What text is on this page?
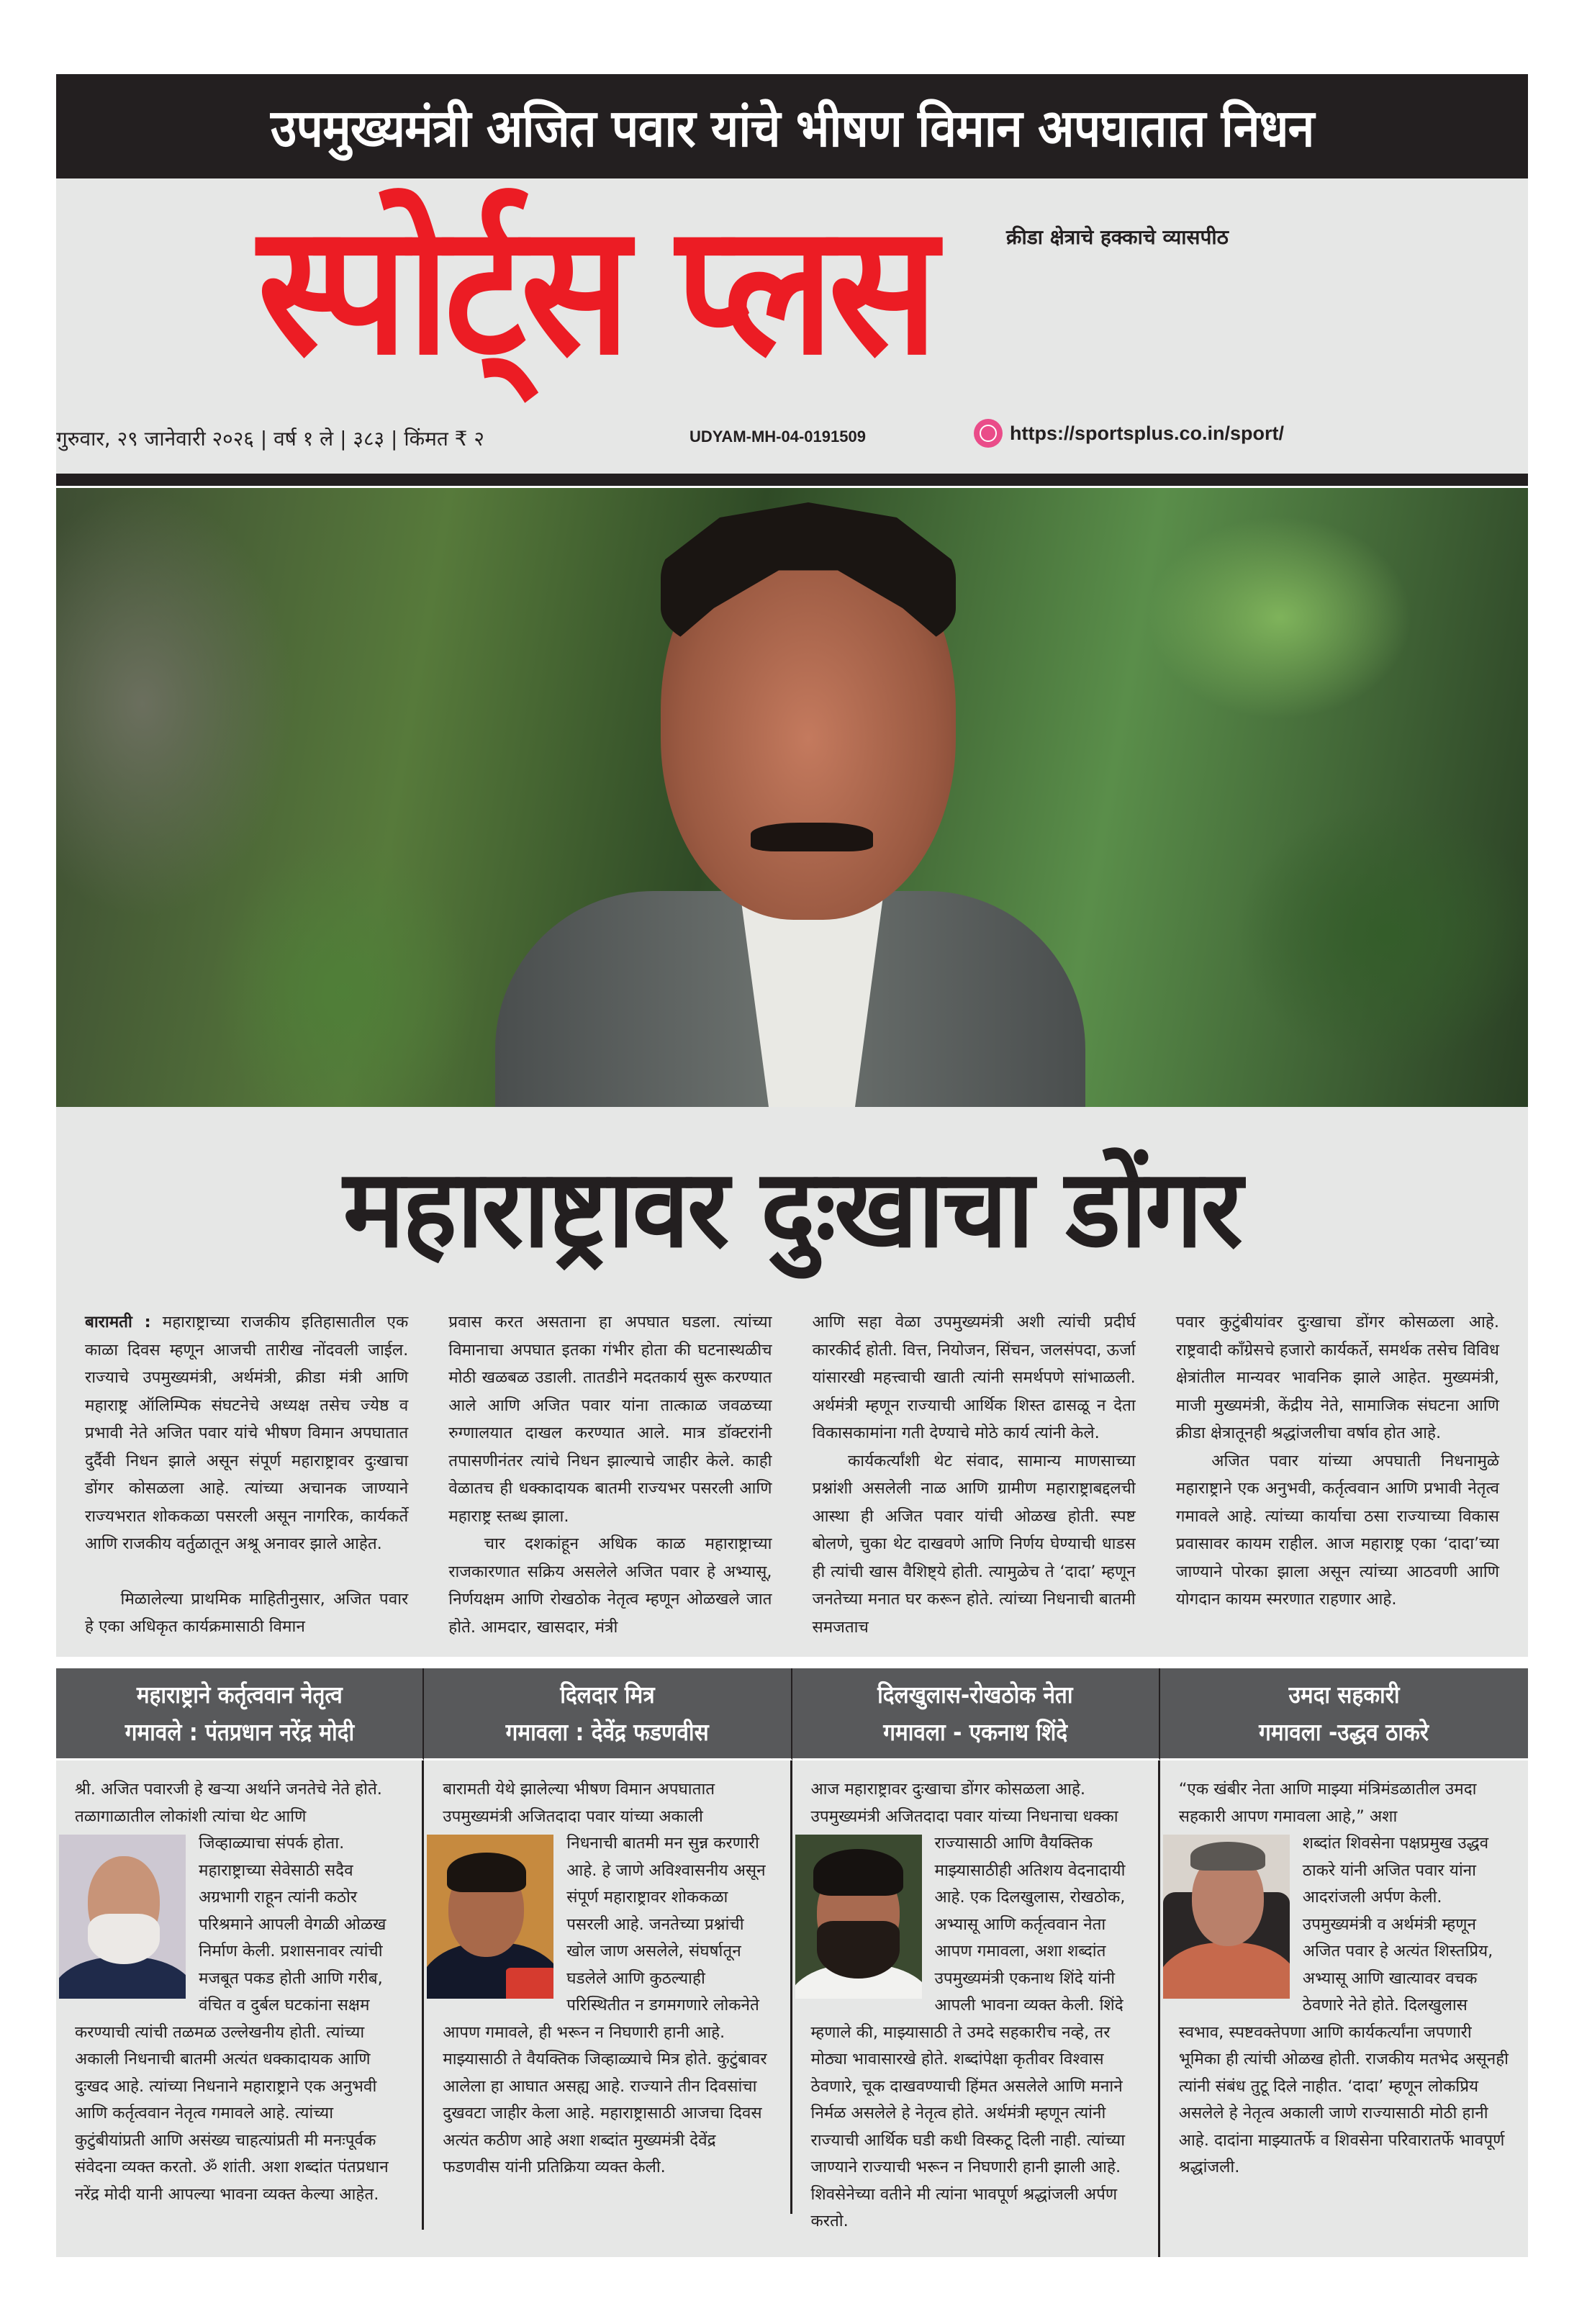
उपमुख्यमंत्री अजित पवार यांचे भीषण विमान अपघातात निधन
स्पोर्ट्स प्लस	क्रीडा क्षेत्राचे हक्काचे व्यासपीठ
गुरुवार, २९ जानेवारी २०२६ | वर्ष १ ले | ३८३ | किंमत ₹ २	UDYAM-MH-04-0191509	https://sportsplus.co.in/sport/
महाराष्ट्रावर दुःखाचा डोंगर

बारामती : महाराष्ट्राच्या राजकीय इतिहासातील एक काळा दिवस म्हणून आजची तारीख नोंदवली जाईल. राज्याचे उपमुख्यमंत्री, अर्थमंत्री, क्रीडा मंत्री आणि महाराष्ट्र ऑलिम्पिक संघटनेचे अध्यक्ष तसेच ज्येष्ठ व प्रभावी नेते अजित पवार यांचे भीषण विमान अपघातात दुर्दैवी निधन झाले असून संपूर्ण महाराष्ट्रावर दुःखाचा डोंगर कोसळला आहे. त्यांच्या अचानक जाण्याने राज्यभरात शोककळा पसरली असून नागरिक, कार्यकर्ते आणि राजकीय वर्तुळातून अश्रू अनावर झाले आहेत.

मिळालेल्या प्राथमिक माहितीनुसार, अजित पवार हे एका अधिकृत कार्यक्रमासाठी विमान

प्रवास करत असताना हा अपघात घडला. त्यांच्या विमानाचा अपघात इतका गंभीर होता की घटनास्थळीच मोठी खळबळ उडाली. तातडीने मदतकार्य सुरू करण्यात आले आणि अजित पवार यांना तात्काळ जवळच्या रुग्णालयात दाखल करण्यात आले. मात्र डॉक्टरांनी तपासणीनंतर त्यांचे निधन झाल्याचे जाहीर केले. काही वेळातच ही धक्कादायक बातमी राज्यभर पसरली आणि महाराष्ट्र स्तब्ध झाला.

चार दशकांहून अधिक काळ महाराष्ट्राच्या राजकारणात सक्रिय असलेले अजित पवार हे अभ्यासू, निर्णयक्षम आणि रोखठोक नेतृत्व म्हणून ओळखले जात होते. आमदार, खासदार, मंत्री

आणि सहा वेळा उपमुख्यमंत्री अशी त्यांची प्रदीर्घ कारकीर्द होती. वित्त, नियोजन, सिंचन, जलसंपदा, ऊर्जा यांसारखी महत्त्वाची खाती त्यांनी समर्थपणे सांभाळली. अर्थमंत्री म्हणून राज्याची आर्थिक शिस्त ढासळू न देता विकासकामांना गती देण्याचे मोठे कार्य त्यांनी केले.

कार्यकर्त्यांशी थेट संवाद, सामान्य माणसाच्या प्रश्नांशी असलेली नाळ आणि ग्रामीण महाराष्ट्राबद्दलची आस्था ही अजित पवार यांची ओळख होती. स्पष्ट बोलणे, चुका थेट दाखवणे आणि निर्णय घेण्याची धाडस ही त्यांची खास वैशिष्ट्ये होती. त्यामुळेच ते ‘दादा’ म्हणून जनतेच्या मनात घर करून होते. त्यांच्या निधनाची बातमी समजताच

पवार कुटुंबीयांवर दुःखाचा डोंगर कोसळला आहे. राष्ट्रवादी काँग्रेसचे हजारो कार्यकर्ते, समर्थक तसेच विविध क्षेत्रांतील मान्यवर भावनिक झाले आहेत. मुख्यमंत्री, माजी मुख्यमंत्री, केंद्रीय नेते, सामाजिक संघटना आणि क्रीडा क्षेत्रातूनही श्रद्धांजलीचा वर्षाव होत आहे.

अजित पवार यांच्या अपघाती निधनामुळे महाराष्ट्राने एक अनुभवी, कर्तृत्ववान आणि प्रभावी नेतृत्व गमावले आहे. त्यांच्या कार्याचा ठसा राज्याच्या विकास प्रवासावर कायम राहील. आज महाराष्ट्र एका ‘दादा’च्या जाण्याने पोरका झाला असून त्यांच्या आठवणी आणि योगदान कायम स्मरणात राहणार आहे.

महाराष्ट्राने कर्तृत्ववान नेतृत्व
गमावले : पंतप्रधान नरेंद्र मोदी

श्री. अजित पवारजी हे खऱ्या अर्थाने जनतेचे नेते होते. तळागाळातील लोकांशी त्यांचा थेट आणि

जिव्हाळ्याचा संपर्क होता. महाराष्ट्राच्या सेवेसाठी सदैव अग्रभागी राहून त्यांनी कठोर परिश्रमाने आपली वेगळी ओळख निर्माण केली. प्रशासनावर त्यांची मजबूत पकड होती आणि गरीब, वंचित व दुर्बल घटकांना सक्षम करण्याची त्यांची तळमळ उल्लेखनीय होती. त्यांच्या अकाली निधनाची बातमी अत्यंत धक्कादायक आणि दुःखद आहे. त्यांच्या निधनाने महाराष्ट्राने एक अनुभवी आणि कर्तृत्ववान नेतृत्व गमावले आहे. त्यांच्या कुटुंबीयांप्रती आणि असंख्य चाहत्यांप्रती मी मनःपूर्वक संवेदना व्यक्त करतो. ॐ शांती. अशा शब्दांत पंतप्रधान नरेंद्र मोदी यानी आपल्या भावना व्यक्त केल्या आहेत.

दिलदार मित्र
गमावला : देवेंद्र फडणवीस

बारामती येथे झालेल्या भीषण विमान अपघातात उपमुख्यमंत्री अजितदादा पवार यांच्या अकाली

निधनाची बातमी मन सुन्न करणारी आहे. हे जाणे अविश्वासनीय असून संपूर्ण महाराष्ट्रावर शोककळा पसरली आहे. जनतेच्या प्रश्नांची खोल जाण असलेले, संघर्षातून घडलेले आणि कुठल्याही परिस्थितीत न डगमगणारे लोकनेते आपण गमावले, ही भरून न निघणारी हानी आहे. माझ्यासाठी ते वैयक्तिक जिव्हाळ्याचे मित्र होते. कुटुंबावर आलेला हा आघात असह्य आहे. राज्याने तीन दिवसांचा दुखवटा जाहीर केला आहे. महाराष्ट्रासाठी आजचा दिवस अत्यंत कठीण आहे अशा शब्दांत मुख्यमंत्री देवेंद्र फडणवीस यांनी प्रतिक्रिया व्यक्त केली.

दिलखुलास-रोखठोक नेता
गमावला - एकनाथ शिंदे

आज महाराष्ट्रावर दुःखाचा डोंगर कोसळला आहे. उपमुख्यमंत्री अजितदादा पवार यांच्या निधनाचा धक्का

राज्यासाठी आणि वैयक्तिक माझ्यासाठीही अतिशय वेदनादायी आहे. एक दिलखुलास, रोखठोक, अभ्यासू आणि कर्तृत्ववान नेता आपण गमावला, अशा शब्दांत उपमुख्यमंत्री एकनाथ शिंदे यांनी आपली भावना व्यक्त केली. शिंदे म्हणाले की, माझ्यासाठी ते उमदे सहकारीच नव्हे, तर मोठ्या भावासारखे होते. शब्दांपेक्षा कृतीवर विश्वास ठेवणारे, चूक दाखवण्याची हिंमत असलेले आणि मनाने निर्मळ असलेले हे नेतृत्व होते. अर्थमंत्री म्हणून त्यांनी राज्याची आर्थिक घडी कधी विस्कटू दिली नाही. त्यांच्या जाण्याने राज्याची भरून न निघणारी हानी झाली आहे. शिवसेनेच्या वतीने मी त्यांना भावपूर्ण श्रद्धांजली अर्पण करतो.

उमदा सहकारी
गमावला -उद्धव ठाकरे

“एक खंबीर नेता आणि माझ्या मंत्रिमंडळातील उमदा सहकारी आपण गमावला आहे,” अशा

शब्दांत शिवसेना पक्षप्रमुख उद्धव ठाकरे यांनी अजित पवार यांना आदरांजली अर्पण केली. उपमुख्यमंत्री व अर्थमंत्री म्हणून अजित पवार हे अत्यंत शिस्तप्रिय, अभ्यासू आणि खात्यावर वचक ठेवणारे नेते होते. दिलखुलास स्वभाव, स्पष्टवक्तेपणा आणि कार्यकर्त्यांना जपणारी भूमिका ही त्यांची ओळख होती. राजकीय मतभेद असूनही त्यांनी संबंध तुटू दिले नाहीत. ‘दादा’ म्हणून लोकप्रिय असलेले हे नेतृत्व अकाली जाणे राज्यासाठी मोठी हानी आहे. दादांना माझ्यातर्फे व शिवसेना परिवारातर्फे भावपूर्ण श्रद्धांजली.
